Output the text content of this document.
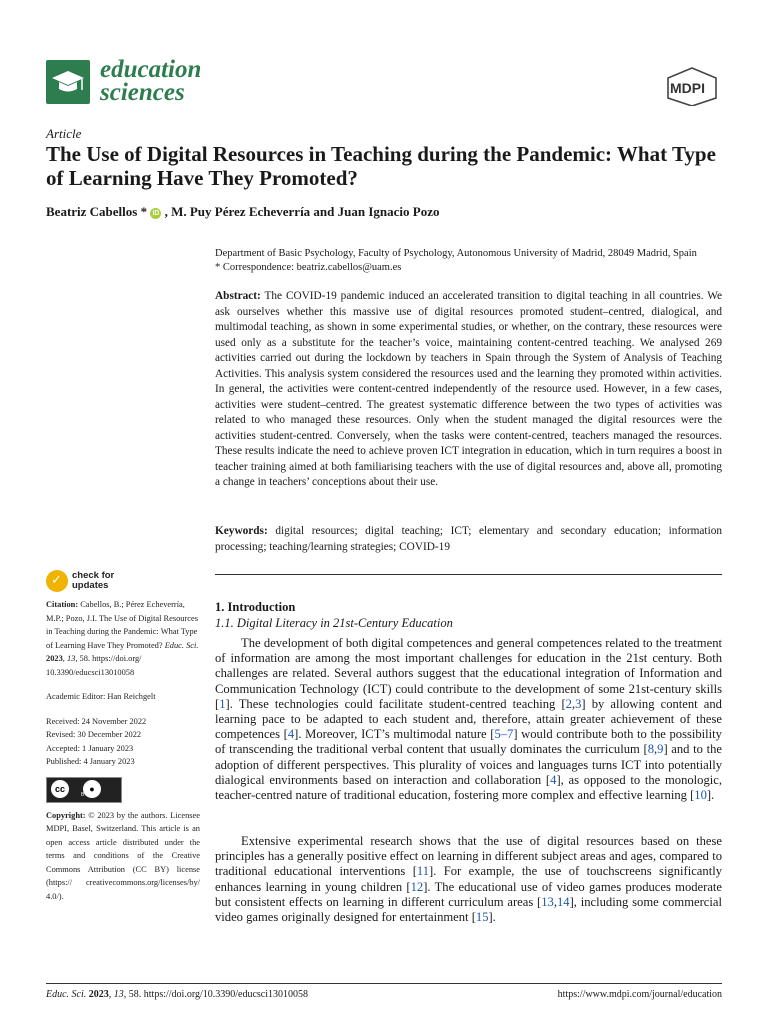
education
sciences	MDPI
Article
The Use of Digital Resources in Teaching during the Pandemic: What Type of Learning Have They Promoted?
Beatriz Cabellos * iD , M. Puy Pérez Echeverría and Juan Ignacio Pozo
Department of Basic Psychology, Faculty of Psychology, Autonomous University of Madrid, 28049 Madrid, Spain
* Correspondence: beatriz.cabellos@uam.es

Abstract: The COVID-19 pandemic induced an accelerated transition to digital teaching in all countries. We ask ourselves whether this massive use of digital resources promoted student–centred, dialogical, and multimodal teaching, as shown in some experimental studies, or whether, on the contrary, these resources were used only as a substitute for the teacher’s voice, maintaining content-centred teaching. We analysed 269 activities carried out during the lockdown by teachers in Spain through the System of Analysis of Teaching Activities. This analysis system considered the resources used and the learning they promoted within activities. In general, the activities were content-centred independently of the resource used. However, in a few cases, activities were student–centred. The greatest systematic difference between the two types of activities was related to who managed these resources. Only when the student managed the digital resources were the activities student-centred. Conversely, when the tasks were content-centred, teachers managed the resources. These results indicate the need to achieve proven ICT integration in education, which in turn requires a boost in teacher training aimed at both familiarising teachers with the use of digital resources and, above all, promoting a change in teachers’ conceptions about their use.

Keywords: digital resources; digital teaching; ICT; elementary and secondary education; information processing; teaching/learning strategies; COVID-19

✓ check for
updates

Citation: Cabellos, B.; Pérez Echeverría, M.P.; Pozo, J.I. The Use of Digital Resources in Teaching during the Pandemic: What Type of Learning Have They Promoted? Educ. Sci. 2023, 13, 58. https://doi.org/ 10.3390/educsci13010058

Academic Editor: Han Reichgelt

Received: 24 November 2022

Revised: 30 December 2022

Accepted: 1 January 2023

Published: 4 January 2023

cc	●
BY

Copyright: © 2023 by the authors. Licensee MDPI, Basel, Switzerland. This article is an open access article distributed under the terms and conditions of the Creative Commons Attribution (CC BY) license (https:// creativecommons.org/licenses/by/ 4.0/).

1. Introduction
1.1. Digital Literacy in 21st-Century Education

The development of both digital competences and general competences related to the treatment of information are among the most important challenges for education in the 21st century. Both challenges are related. Several authors suggest that the educational integration of Information and Communication Technology (ICT) could contribute to the development of some 21st-century skills [1]. These technologies could facilitate student-centred teaching [2,3] by allowing content and learning pace to be adapted to each student and, therefore, attain greater achievement of these competences [4]. Moreover, ICT’s multimodal nature [5–7] would contribute both to the possibility of transcending the traditional verbal content that usually dominates the curriculum [8,9] and to the adoption of different perspectives. This plurality of voices and languages turns ICT into potentially dialogical environments based on interaction and collaboration [4], as opposed to the monologic, teacher-centred nature of traditional education, fostering more complex and effective learning [10].

Extensive experimental research shows that the use of digital resources based on these principles has a generally positive effect on learning in different subject areas and ages, compared to traditional educational interventions [11]. For example, the use of touchscreens significantly enhances learning in young children [12]. The educational use of video games produces moderate but consistent effects on learning in different curriculum areas [13,14], including some commercial video games originally designed for entertainment [15].

Educ. Sci. 2023, 13, 58. https://doi.org/10.3390/educsci13010058	https://www.mdpi.com/journal/education
